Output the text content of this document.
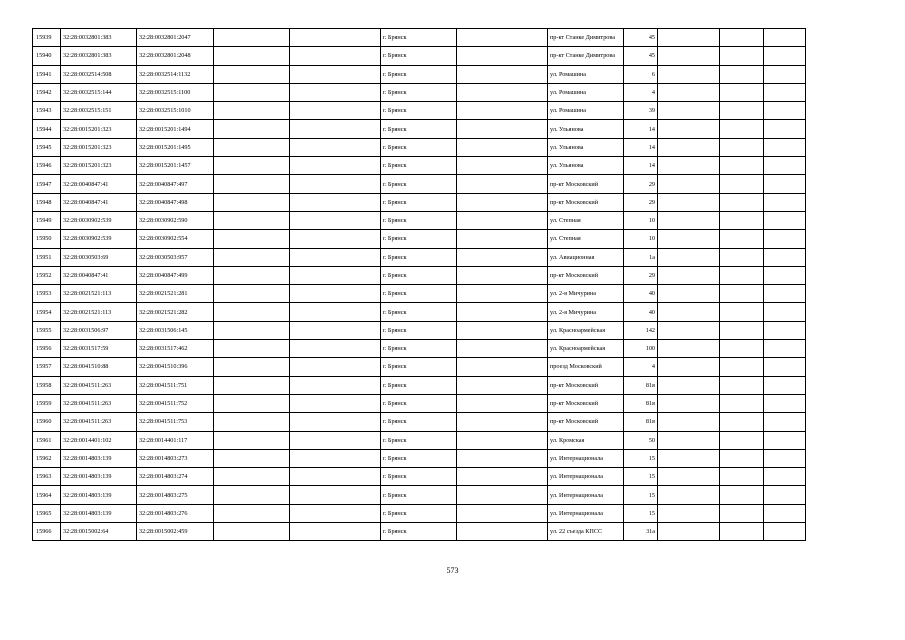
15939	32:28:0032801:383	32:28:0032801:2047			г. Брянск		пр-кт Станке Димитрова	45			
15940	32:28:0032801:383	32:28:0032801:2048			г. Брянск		пр-кт Станке Димитрова	45			
15941	32:28:0032514:508	32:28:0032514:1132			г. Брянск		ул. Ромашина	6			
15942	32:28:0032515:144	32:28:0032515:1100			г. Брянск		ул. Ромашина	4			
15943	32:28:0032515:151	32:28:0032515:1010			г. Брянск		ул. Ромашина	39			
15944	32:28:0015201:323	32:28:0015201:1494			г. Брянск		ул. Ульянова	14			
15945	32:28:0015201:323	32:28:0015201:1495			г. Брянск		ул. Ульянова	14			
15946	32:28:0015201:323	32:28:0015201:1457			г. Брянск		ул. Ульянова	14			
15947	32:28:0040847:41	32:28:0040847:497			г. Брянск		пр-кт Московский	29			
15948	32:28:0040847:41	32:28:0040847:498			г. Брянск		пр-кт Московский	29			
15949	32:28:0030902:539	32:28:0030902:590			г. Брянск		ул. Степная	10			
15950	32:28:0030902:539	32:28:0030902:554			г. Брянск		ул. Степная	10			
15951	32:28:0030503:69	32:28:0030503:957			г. Брянск		ул. Авиационная	1а			
15952	32:28:0040847:41	32:28:0040847:499			г. Брянск		пр-кт Московский	29			
15953	32:28:0021521:113	32:28:0021521:281			г. Брянск		ул. 2-я Мичурина	40			
15954	32:28:0021521:113	32:28:0021521:282			г. Брянск		ул. 2-я Мичурина	40			
15955	32:28:0031506:97	32:28:0031506:145			г. Брянск		ул. Красноармейская	142			
15956	32:28:0031517:59	32:28:0031517:462			г. Брянск		ул. Красноармейская	100			
15957	32:28:0041510:88	32:28:0041510:396			г. Брянск		проезд Московский	4			
15958	32:28:0041511:263	32:28:0041511:751			г. Брянск		пр-кт Московский	81в			
15959	32:28:0041511:263	32:28:0041511:752			г. Брянск		пр-кт Московский	81в			
15960	32:28:0041511:263	32:28:0041511:753			г. Брянск		пр-кт Московский	81в			
15961	32:28:0014401:102	32:28:0014401:117			г. Брянск		ул. Кромская	50			
15962	32:28:0014803:139	32:28:0014803:273			г. Брянск		ул. Интернационала	15			
15963	32:28:0014803:139	32:28:0014803:274			г. Брянск		ул. Интернационала	15			
15964	32:28:0014803:139	32:28:0014803:275			г. Брянск		ул. Интернационала	15			
15965	32:28:0014803:139	32:28:0014803:276			г. Брянск		ул. Интернационала	15			
15966	32:28:0015002:64	32:28:0015002:459			г. Брянск		ул. 22 съезда КПСС	31а			
573
